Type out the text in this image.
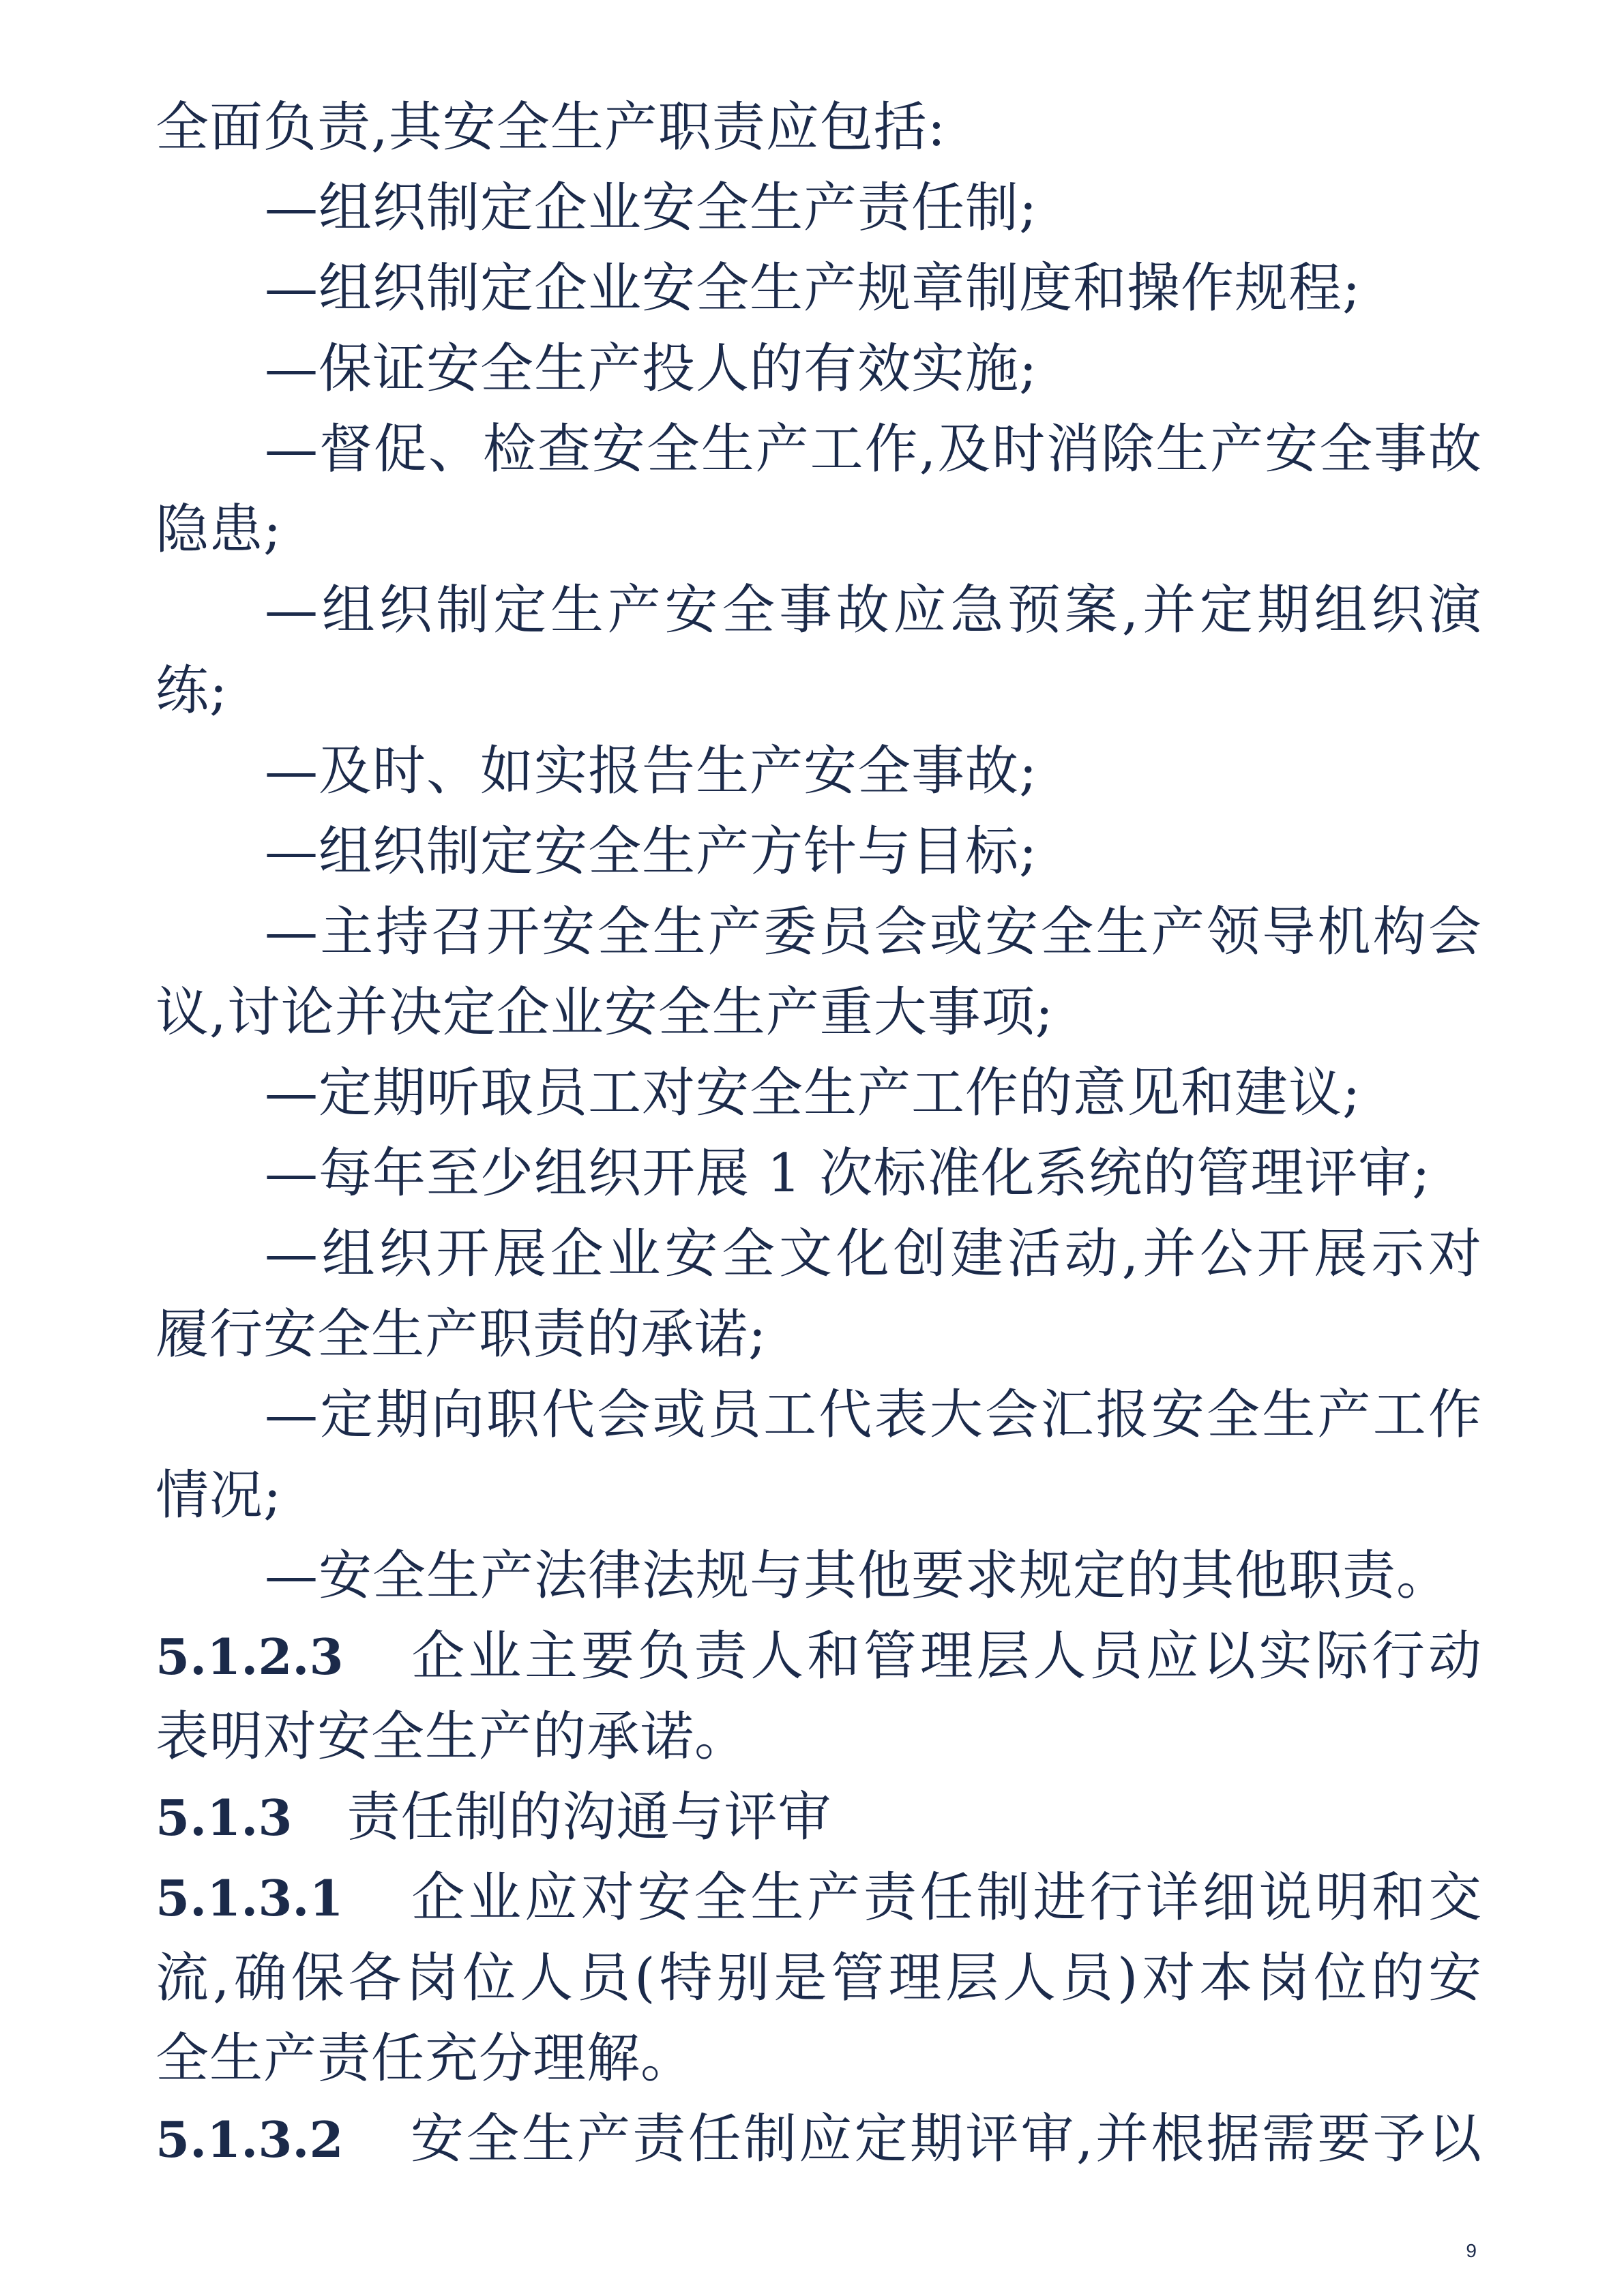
全面负责,其安全生产职责应包括:
—组织制定企业安全生产责任制;
—组织制定企业安全生产规章制度和操作规程;
—保证安全生产投人的有效实施;
—督促、检查安全生产工作,及时消除生产安全事故
隐患;
—组织制定生产安全事故应急预案,并定期组织演
练;
—及时、如实报告生产安全事故;
—组织制定安全生产方针与目标;
—主持召开安全生产委员会或安全生产领导机构会
议,讨论并决定企业安全生产重大事项;
—定期听取员工对安全生产工作的意见和建议;
—每年至少组织开展 1 次标准化系统的管理评审;
—组织开展企业安全文化创建活动,并公开展示对
履行安全生产职责的承诺;
—定期向职代会或员工代表大会汇报安全生产工作
情况;
—安全生产法律法规与其他要求规定的其他职责。
5.1.2.3 企业主要负责人和管理层人员应以实际行动
表明对安全生产的承诺。
5.1.3 责任制的沟通与评审
5.1.3.1 企业应对安全生产责任制进行详细说明和交
流,确保各岗位人员(特别是管理层人员)对本岗位的安
全生产责任充分理解。
5.1.3.2 安全生产责任制应定期评审,并根据需要予以
9
